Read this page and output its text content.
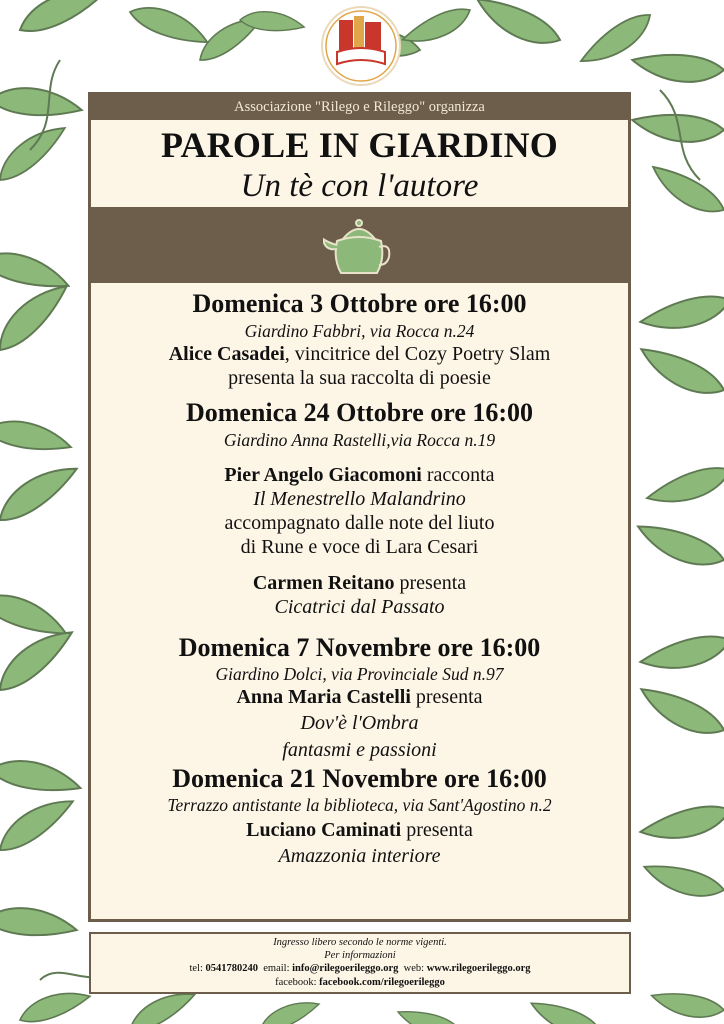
Associazione "Rilego e Rileggo" organizza
PAROLE IN GIARDINO
Un tè con l'autore
Domenica 3 Ottobre ore 16:00
Giardino Fabbri, via Rocca n.24
Alice Casadei, vincitrice del Cozy Poetry Slam
presenta la sua raccolta di poesie
Domenica 24 Ottobre ore 16:00
Giardino Anna Rastelli,via Rocca n.19
Pier Angelo Giacomoni racconta
Il Menestrello Malandrino
accompagnato dalle note del liuto
di Rune e voce di Lara Cesari
Carmen Reitano presenta
Cicatrici dal Passato
Domenica 7 Novembre ore 16:00
Giardino Dolci, via Provinciale Sud n.97
Anna Maria Castelli presenta
Dov'è l'Ombra
fantasmi e passioni
Domenica 21 Novembre ore 16:00
Terrazzo antistante la biblioteca, via Sant'Agostino n.2
Luciano Caminati presenta
Amazzonia interiore
Ingresso libero secondo le norme vigenti.
Per informazioni
tel: 0541780240 email: info@rilegoerileggo.org web: www.rilegoerileggo.org
facebook: facebook.com/rilegoerileggo
